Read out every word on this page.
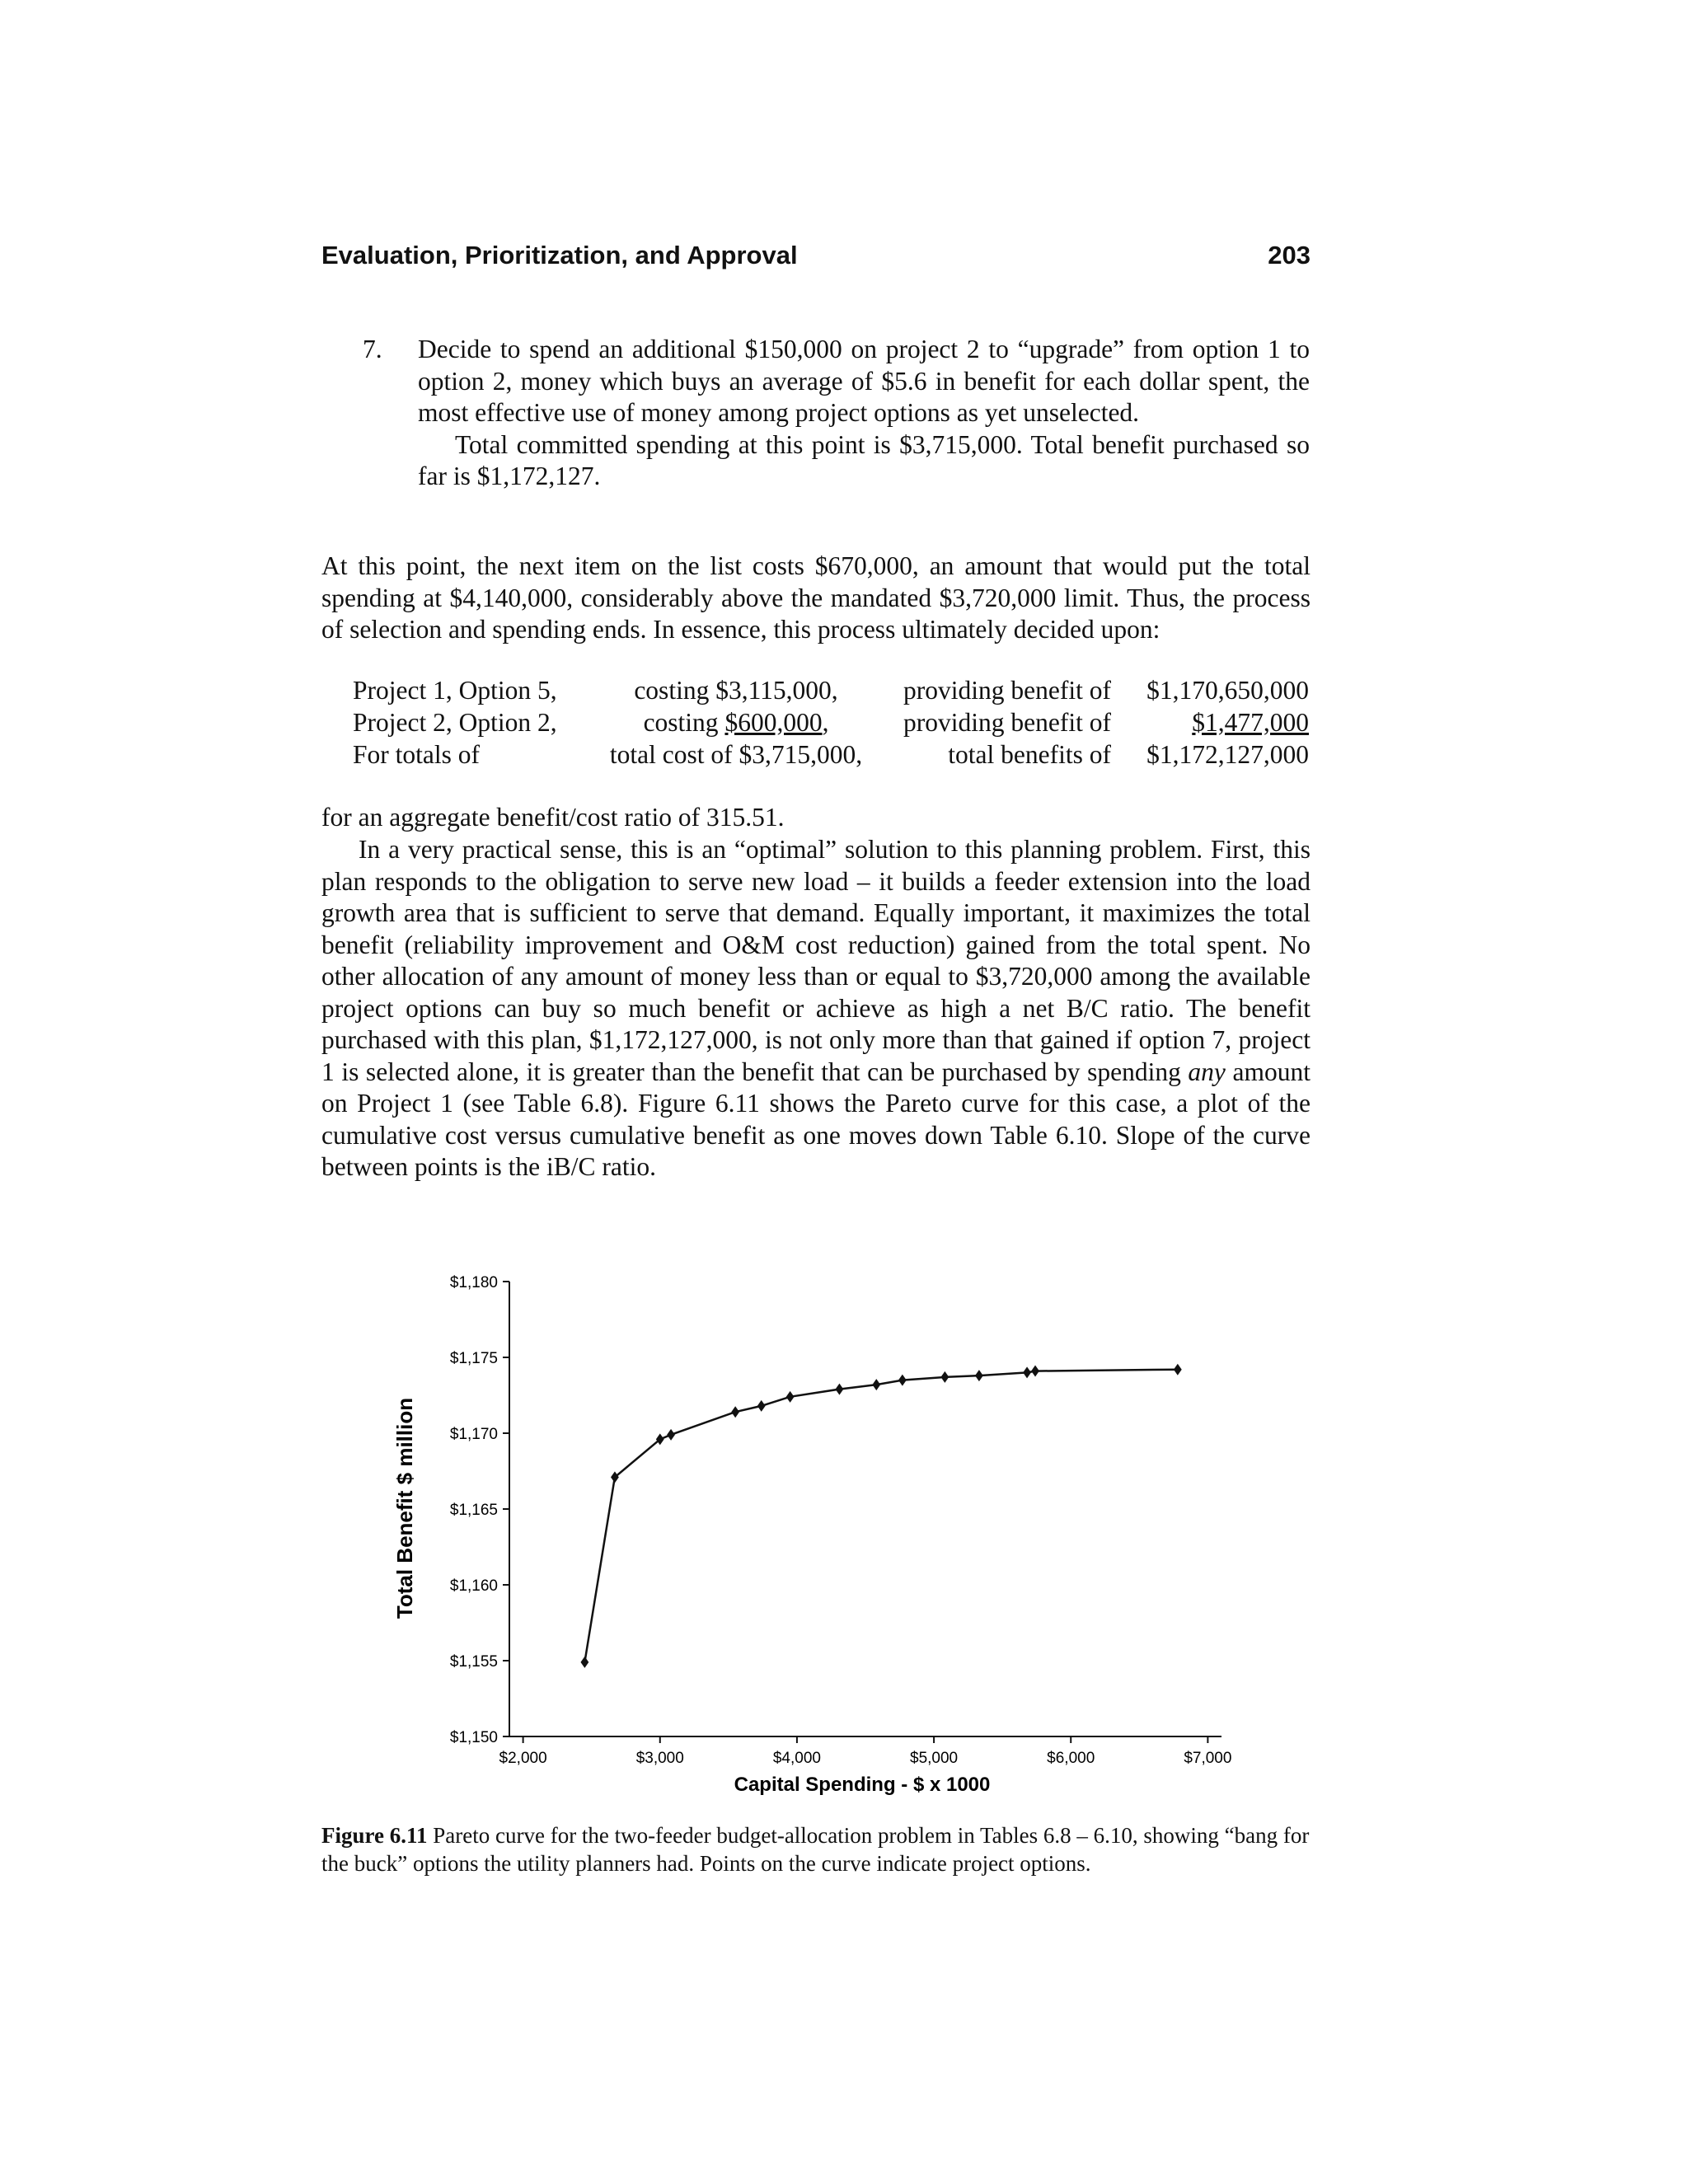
Evaluation, Prioritization, and Approval	203
7.	Decide to spend an additional $150,000 on project 2 to “upgrade” from option 1 to option 2, money which buys an average of $5.6 in benefit for each dollar spent, the most effective use of money among project options as yet unselected.

Total committed spending at this point is $3,715,000. Total benefit purchased so far is $1,172,127.

At this point, the next item on the list costs $670,000, an amount that would put the total spending at $4,140,000, considerably above the mandated $3,720,000 limit. Thus, the process of selection and spending ends. In essence, this process ultimately decided upon:

Project 1, Option 5,	costing $3,115,000,	providing benefit of	$1,170,650,000
Project 2, Option 2,	costing $600,000,	providing benefit of	$1,477,000
For totals of	total cost of $3,715,000,	total benefits of	$1,172,127,000

for an aggregate benefit/cost ratio of 315.51.

In a very practical sense, this is an “optimal” solution to this planning problem. First, this plan responds to the obligation to serve new load – it builds a feeder extension into the load growth area that is sufficient to serve that demand. Equally important, it maximizes the total benefit (reliability improvement and O&M cost reduction) gained from the total spent. No other allocation of any amount of money less than or equal to $3,720,000 among the available project options can buy so much benefit or achieve as high a net B/C ratio. The benefit purchased with this plan, $1,172,127,000, is not only more than that gained if option 7, project 1 is selected alone, it is greater than the benefit that can be purchased by spending any amount on Project 1 (see Table 6.8). Figure 6.11 shows the Pareto curve for this case, a plot of the cumulative cost versus cumulative benefit as one moves down Table 6.10. Slope of the curve between points is the iB/C ratio.

$1,150
$1,155
$1,160
$1,165
$1,170
$1,175
$1,180
$2,000	$3,000	$4,000	$5,000	$6,000	$7,000
Capital Spending - $ x 1000
Total Benefit $ million
Figure 6.11 Pareto curve for the two-feeder budget-allocation problem in Tables 6.8 – 6.10, showing “bang for the buck” options the utility planners had. Points on the curve indicate project options.
